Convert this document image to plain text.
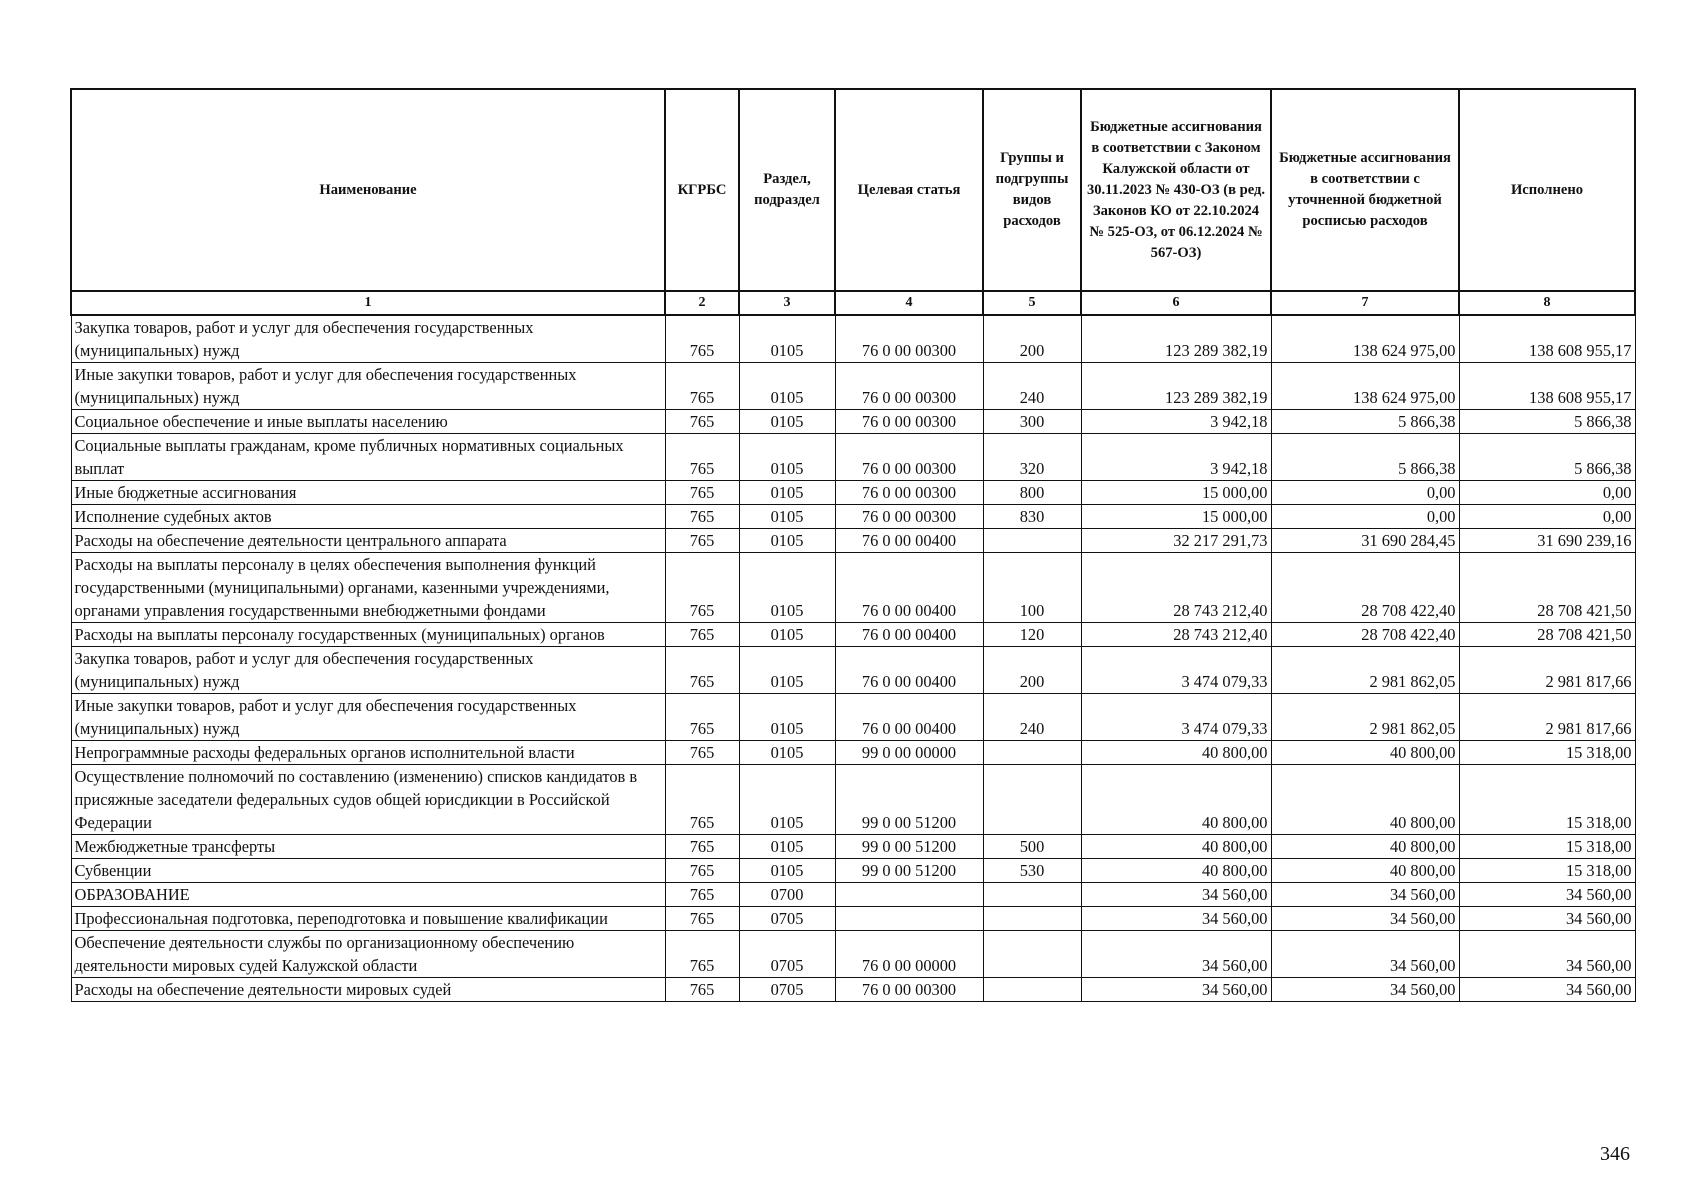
Наименование	КГРБС	Раздел, подраздел	Целевая статья	Группы и подгруппы видов расходов	Бюджетные ассигнования в соответствии с Законом Калужской области от 30.11.2023 № 430-ОЗ (в ред. Законов КО от 22.10.2024 № 525-ОЗ, от 06.12.2024 № 567-ОЗ)	Бюджетные ассигнования в соответствии с уточненной бюджетной росписью расходов	Исполнено
1	2	3	4	5	6	7	8
Закупка товаров, работ и услуг для обеспечения государственных (муниципальных) нужд	765	0105	76 0 00 00300	200	123 289 382,19	138 624 975,00	138 608 955,17
Иные закупки товаров, работ и услуг для обеспечения государственных (муниципальных) нужд	765	0105	76 0 00 00300	240	123 289 382,19	138 624 975,00	138 608 955,17
Социальное обеспечение и иные выплаты населению	765	0105	76 0 00 00300	300	3 942,18	5 866,38	5 866,38
Социальные выплаты гражданам, кроме публичных нормативных социальных выплат	765	0105	76 0 00 00300	320	3 942,18	5 866,38	5 866,38
Иные бюджетные ассигнования	765	0105	76 0 00 00300	800	15 000,00	0,00	0,00
Исполнение судебных актов	765	0105	76 0 00 00300	830	15 000,00	0,00	0,00
Расходы на обеспечение деятельности центрального аппарата	765	0105	76 0 00 00400		32 217 291,73	31 690 284,45	31 690 239,16
Расходы на выплаты персоналу в целях обеспечения выполнения функций государственными (муниципальными) органами, казенными учреждениями, органами управления государственными внебюджетными фондами	765	0105	76 0 00 00400	100	28 743 212,40	28 708 422,40	28 708 421,50
Расходы на выплаты персоналу государственных (муниципальных) органов	765	0105	76 0 00 00400	120	28 743 212,40	28 708 422,40	28 708 421,50
Закупка товаров, работ и услуг для обеспечения государственных (муниципальных) нужд	765	0105	76 0 00 00400	200	3 474 079,33	2 981 862,05	2 981 817,66
Иные закупки товаров, работ и услуг для обеспечения государственных (муниципальных) нужд	765	0105	76 0 00 00400	240	3 474 079,33	2 981 862,05	2 981 817,66
Непрограммные расходы федеральных органов исполнительной власти	765	0105	99 0 00 00000		40 800,00	40 800,00	15 318,00
Осуществление полномочий по составлению (изменению) списков кандидатов в присяжные заседатели федеральных судов общей юрисдикции в Российской Федерации	765	0105	99 0 00 51200		40 800,00	40 800,00	15 318,00
Межбюджетные трансферты	765	0105	99 0 00 51200	500	40 800,00	40 800,00	15 318,00
Субвенции	765	0105	99 0 00 51200	530	40 800,00	40 800,00	15 318,00
ОБРАЗОВАНИЕ	765	0700			34 560,00	34 560,00	34 560,00
Профессиональная подготовка, переподготовка и повышение квалификации	765	0705			34 560,00	34 560,00	34 560,00
Обеспечение деятельности службы по организационному обеспечению деятельности мировых судей Калужской области	765	0705	76 0 00 00000		34 560,00	34 560,00	34 560,00
Расходы на обеспечение деятельности мировых судей	765	0705	76 0 00 00300		34 560,00	34 560,00	34 560,00
346
